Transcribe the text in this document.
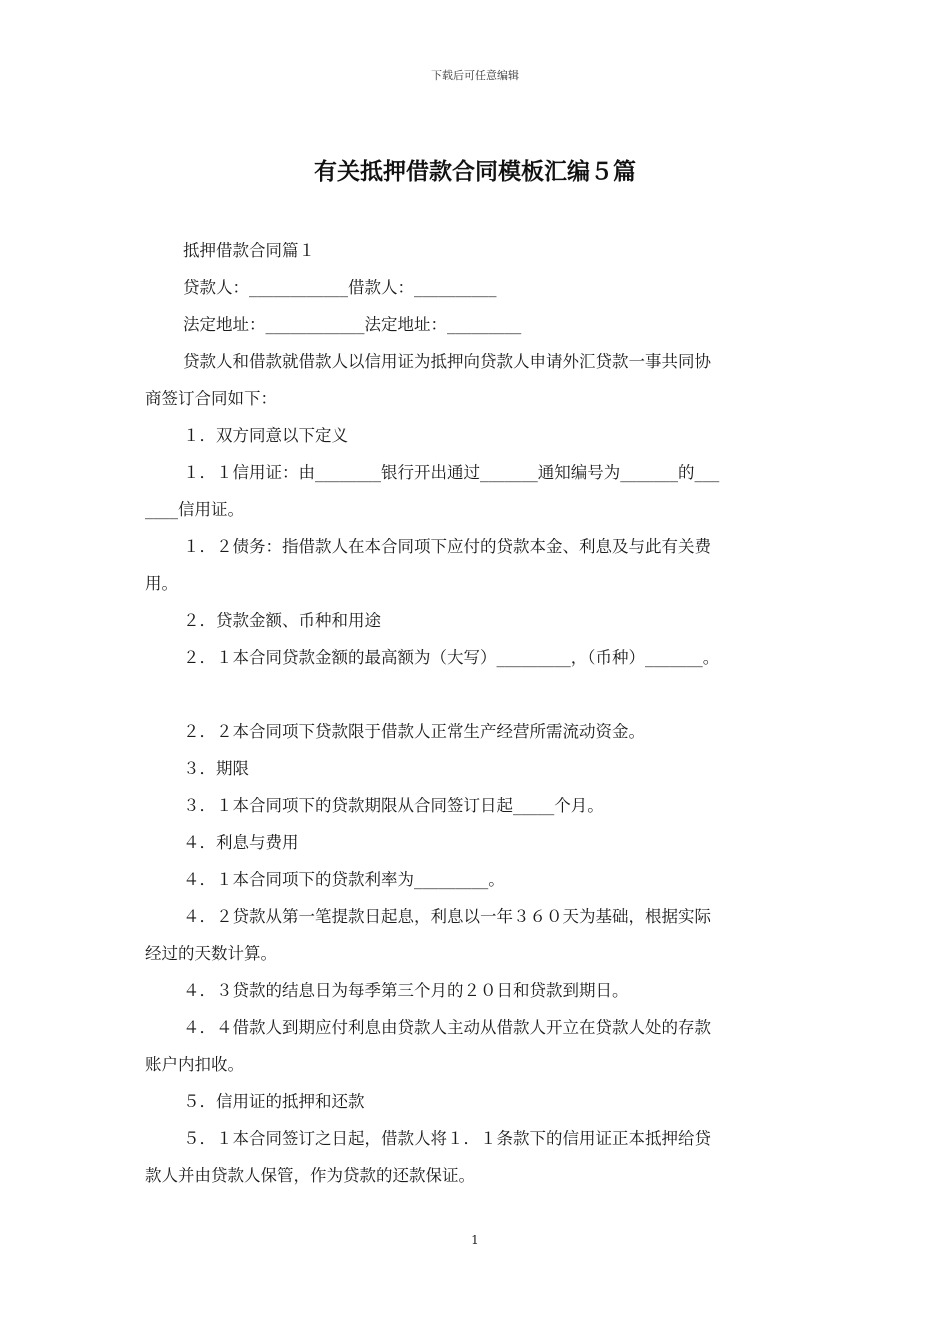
下载后可任意编辑
有关抵押借款合同模板汇编５篇

抵押借款合同篇１

贷款人：____________借款人：__________

法定地址：____________法定地址：_________

贷款人和借款就借款人以信用证为抵押向贷款人申请外汇贷款一事共同协

商签订合同如下：

１．双方同意以下定义

１．１信用证：由________银行开出通过_______通知编号为_______的___

____信用证。

１．２债务：指借款人在本合同项下应付的贷款本金、利息及与此有关费

用。

２．贷款金额、币种和用途

２．１本合同贷款金额的最高额为（大写）_________，（币种）_______。

２．２本合同项下贷款限于借款人正常生产经营所需流动资金。

３．期限

３．１本合同项下的贷款期限从合同签订日起_____个月。

４．利息与费用

４．１本合同项下的贷款利率为_________。

４．２贷款从第一笔提款日起息，利息以一年３６０天为基础，根据实际

经过的天数计算。

４．３贷款的结息日为每季第三个月的２０日和贷款到期日。

４．４借款人到期应付利息由贷款人主动从借款人开立在贷款人处的存款

账户内扣收。

５．信用证的抵押和还款

５．１本合同签订之日起，借款人将１．１条款下的信用证正本抵押给贷

款人并由贷款人保管，作为贷款的还款保证。

1
